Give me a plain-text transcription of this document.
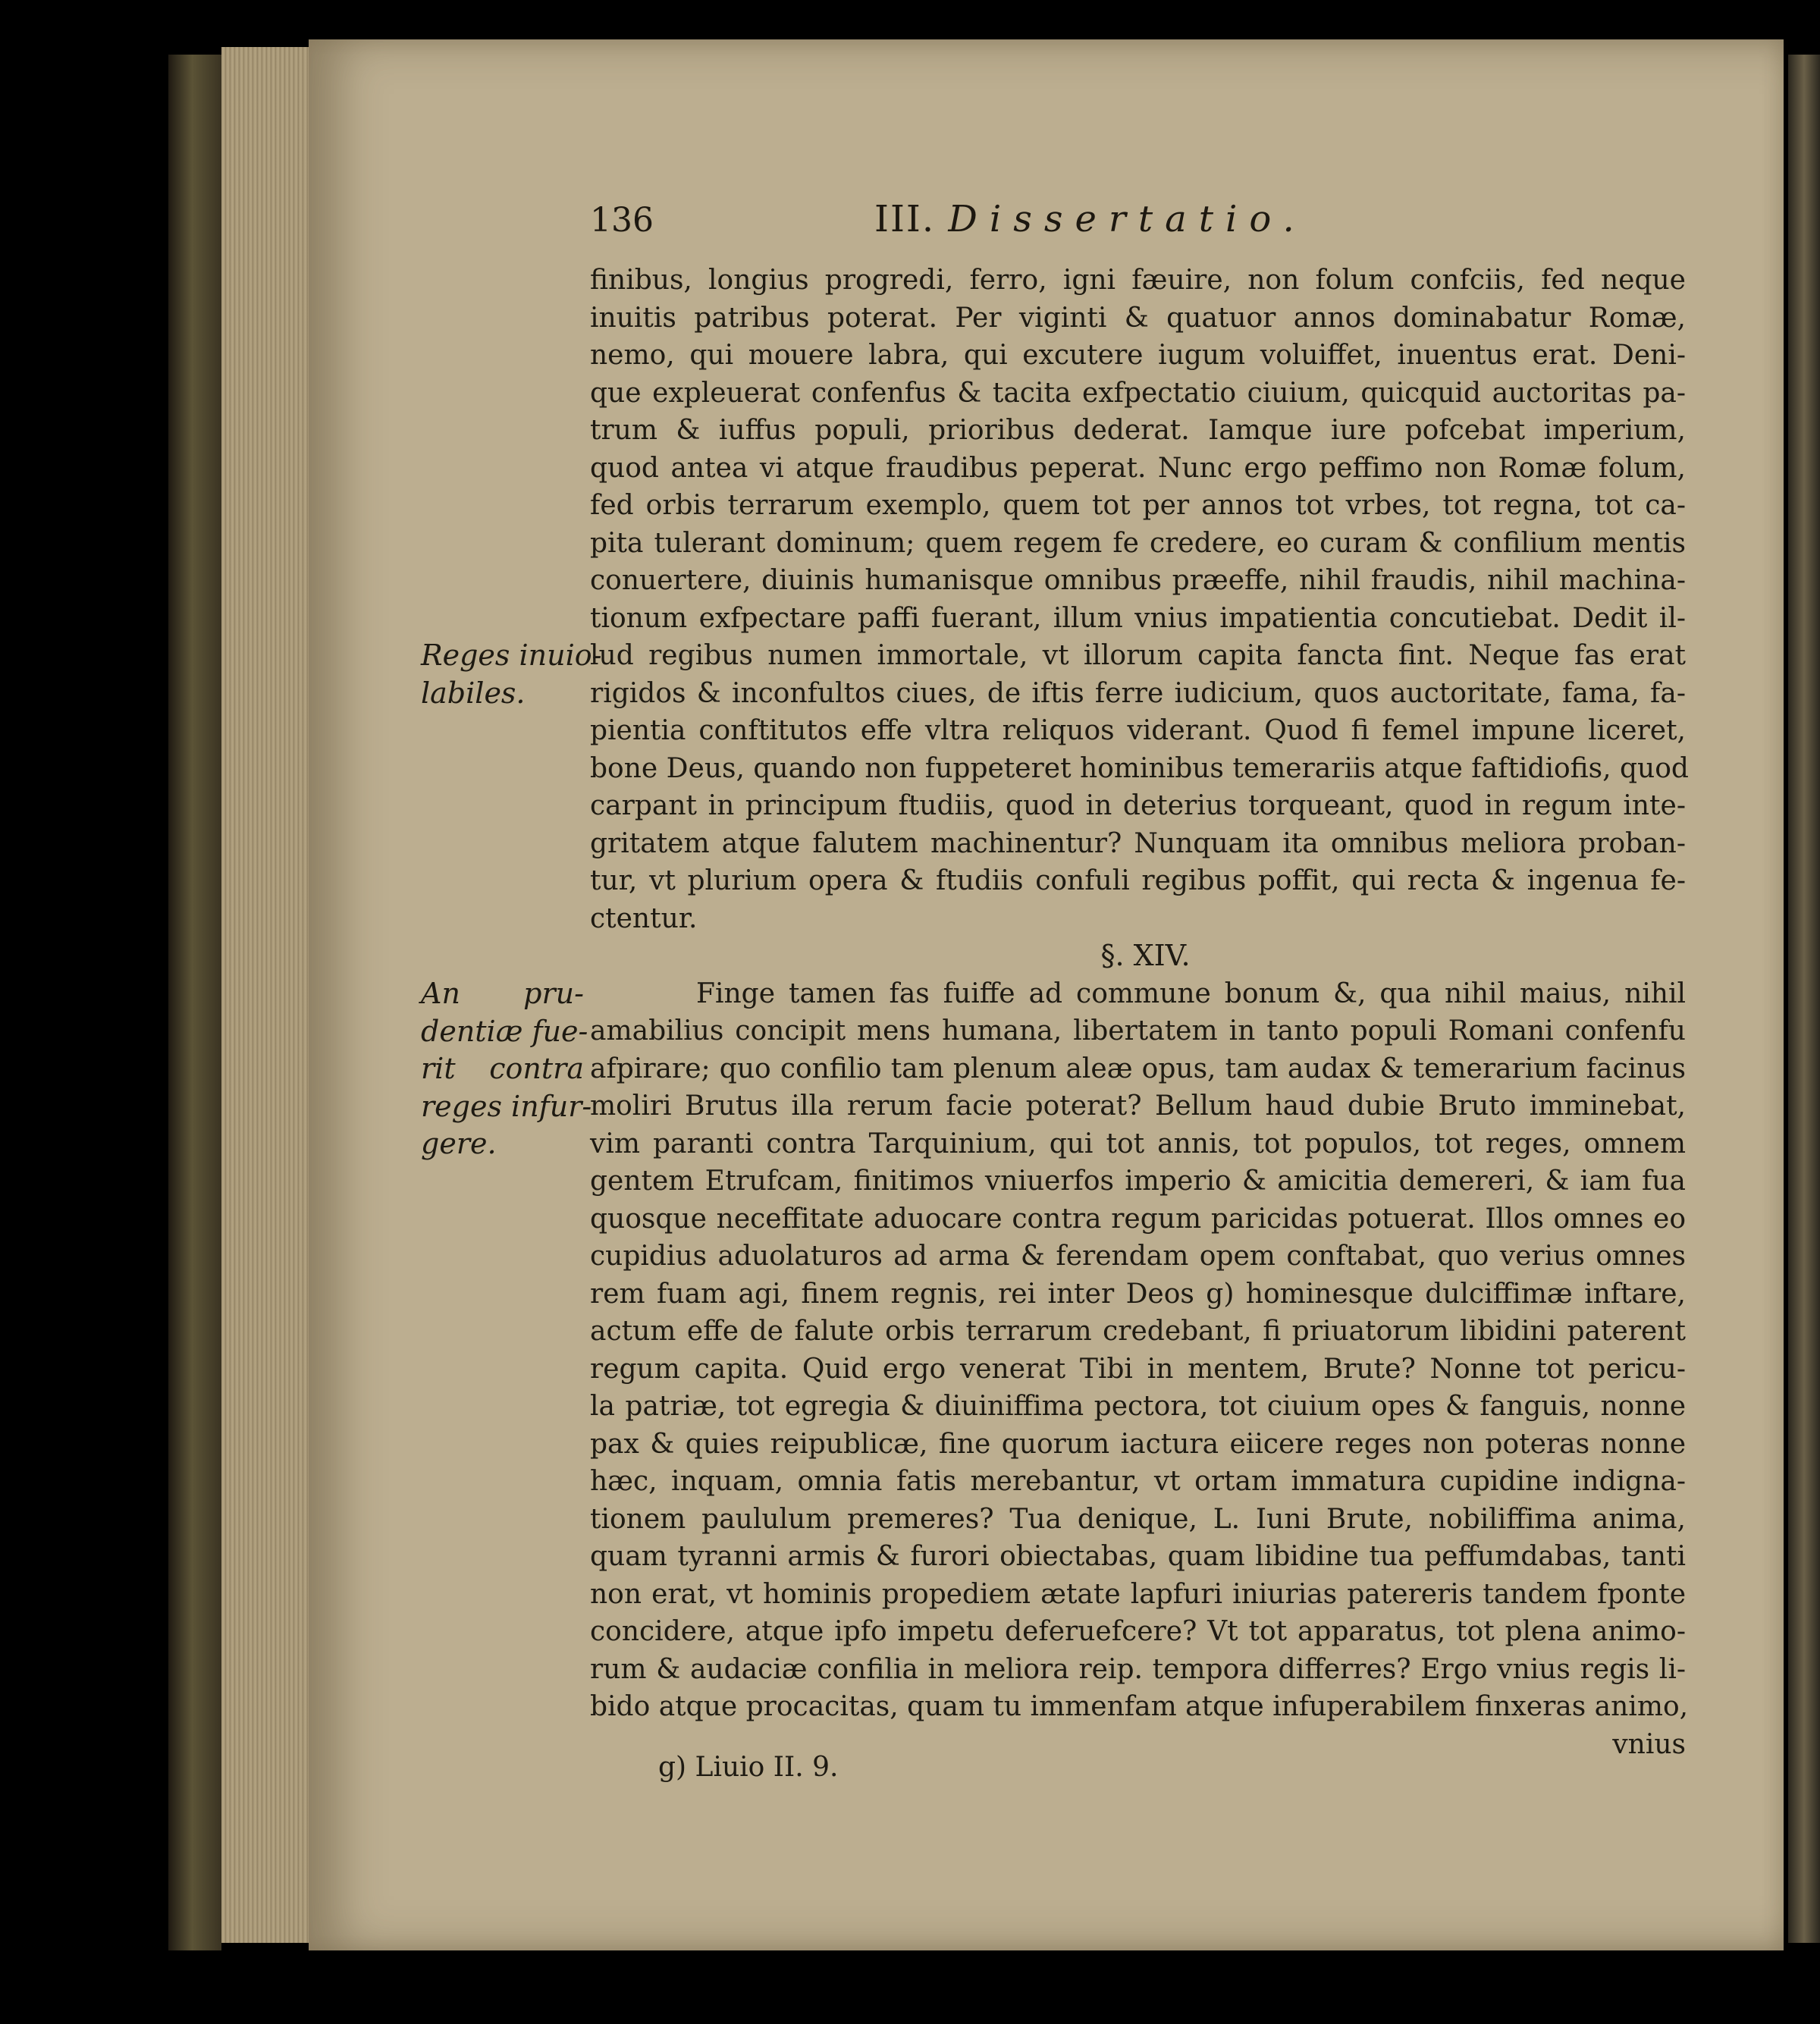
136	III. Dissertatio.
Reges inuio-
labiles.
An pru-
dentiæ fue-
rit contra
reges infur-
gere.
finibus, longius progredi, ferro, igni fæuire, non folum confciis, fed neque
inuitis patribus poterat. Per viginti & quatuor annos dominabatur Romæ,
nemo, qui mouere labra, qui excutere iugum voluiffet, inuentus erat. Deni-
que expleuerat confenfus & tacita exfpectatio ciuium, quicquid auctoritas pa-
trum & iuffus populi, prioribus dederat. Iamque iure pofcebat imperium,
quod antea vi atque fraudibus peperat. Nunc ergo peffimo non Romæ folum,
fed orbis terrarum exemplo, quem tot per annos tot vrbes, tot regna, tot ca-
pita tulerant dominum; quem regem fe credere, eo curam & confilium mentis
conuertere, diuinis humanisque omnibus præeffe, nihil fraudis, nihil machina-
tionum exfpectare paffi fuerant, illum vnius impatientia concutiebat. Dedit il-
lud regibus numen immortale, vt illorum capita fancta fint. Neque fas erat
rigidos & inconfultos ciues, de iftis ferre iudicium, quos auctoritate, fama, fa-
pientia conftitutos effe vltra reliquos viderant. Quod fi femel impune liceret,
bone Deus, quando non fuppeteret hominibus temerariis atque faftidiofis, quod
carpant in principum ftudiis, quod in deterius torqueant, quod in regum inte-
gritatem atque falutem machinentur? Nunquam ita omnibus meliora proban-
tur, vt plurium opera & ftudiis confuli regibus poffit, qui recta & ingenua fe-
ctentur.
§. XIV.
Finge tamen fas fuiffe ad commune bonum &, qua nihil maius, nihil
amabilius concipit mens humana, libertatem in tanto populi Romani confenfu
afpirare; quo confilio tam plenum aleæ opus, tam audax & temerarium facinus
moliri Brutus illa rerum facie poterat? Bellum haud dubie Bruto imminebat,
vim paranti contra Tarquinium, qui tot annis, tot populos, tot reges, omnem
gentem Etrufcam, finitimos vniuerfos imperio & amicitia demereri, & iam fua
quosque neceffitate aduocare contra regum paricidas potuerat. Illos omnes eo
cupidius aduolaturos ad arma & ferendam opem conftabat, quo verius omnes
rem fuam agi, finem regnis, rei inter Deos g) hominesque dulciffimæ inftare,
actum effe de falute orbis terrarum credebant, fi priuatorum libidini paterent
regum capita. Quid ergo venerat Tibi in mentem, Brute? Nonne tot pericu-
la patriæ, tot egregia & diuiniffima pectora, tot ciuium opes & fanguis, nonne
pax & quies reipublicæ, fine quorum iactura eiicere reges non poteras nonne
hæc, inquam, omnia fatis merebantur, vt ortam immatura cupidine indigna-
tionem paululum premeres? Tua denique, L. Iuni Brute, nobiliffima anima,
quam tyranni armis & furori obiectabas, quam libidine tua peffumdabas, tanti
non erat, vt hominis propediem ætate lapfuri iniurias patereris tandem fponte
concidere, atque ipfo impetu deferuefcere? Vt tot apparatus, tot plena animo-
rum & audaciæ confilia in meliora reip. tempora differres? Ergo vnius regis li-
bido atque procacitas, quam tu immenfam atque infuperabilem finxeras animo,
vnius
g) Liuio II. 9.
